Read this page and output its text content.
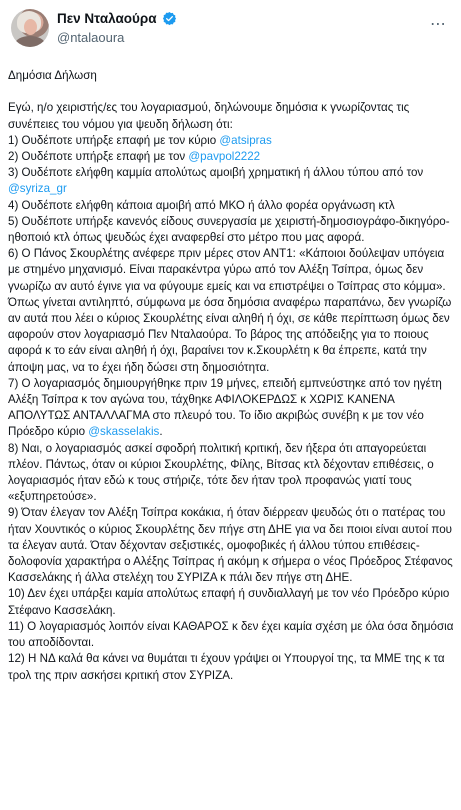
Πεν Νταλαούρα
@ntalaoura
⋯

Δημόσια Δήλωση

Εγώ, η/ο χειριστής/ες του λογαριασμού, δηλώνουμε δημόσια κ γνωρίζοντας τις συνέπειες του νόμου για ψευδη δήλωση ότι:

1) Ουδέποτε υπήρξε επαφή με τον κύριο @atsipras

2) Ουδέποτε υπήρξε επαφή με τον @pavpol2222

3) Ουδέποτε ελήφθη καμμία απολύτως αμοιβή χρηματική ή άλλου τύπου από τον @syriza_gr

4) Ουδέποτε ελήφθη κάποια αμοιβή από ΜΚΟ ή άλλο φορέα οργάνωση κτλ

5) Ουδέποτε υπήρξε κανενός είδους συνεργασία με χειριστή-δημοσιογράφο-δικηγόρο-ηθοποιό κτλ όπως ψευδώς έχει αναφερθεί στο μέτρο που μας αφορά.

6) Ο Πάνος Σκουρλέτης ανέφερε πριν μέρες στον ΑΝΤ1: «Κάποιοι δούλεψαν υπόγεια με στημένο μηχανισμό. Είναι παρακέντρα γύρω από τον Αλέξη Τσίπρα, όμως δεν γνωρίζω αν αυτό έγινε για να φύγουμε εμείς και να επιστρέψει ο Τσίπρας στο κόμμα». Όπως γίνεται αντιληπτό, σύμφωνα με όσα δημόσια αναφέρω παραπάνω, δεν γνωρίζω αν αυτά που λέει ο κύριος Σκουρλέτης είναι αληθή ή όχι, σε κάθε περίπτωση όμως δεν αφορούν στον λογαριασμό Πεν Νταλαούρα. Το βάρος της απόδειξης για το ποιους αφορά κ το εάν είναι αληθή ή όχι, βαραίνει τον κ.Σκουρλέτη κ θα έπρεπε, κατά την άποψη μας, να το έχει ήδη δώσει στη δημοσιότητα.

7) Ο λογαριασμός δημιουργήθηκε πριν 19 μήνες, επειδή εμπνεύστηκε από τον ηγέτη Αλέξη Τσίπρα κ τον αγώνα του, τάχθηκε ΑΦΙΛΟΚΕΡΔΩΣ κ ΧΩΡΙΣ ΚΑΝΕΝΑ ΑΠΟΛΥΤΩΣ ΑΝΤΑΛΛΑΓΜΑ στο πλευρό του. Το ίδιο ακριβώς συνέβη κ με τον νέο Πρόεδρο κύριο @skasselakis.

8) Ναι, ο λογαριασμός ασκεί σφοδρή πολιτική κριτική, δεν ήξερα ότι απαγορεύεται πλέον. Πάντως, όταν οι κύριοι Σκουρλέτης, Φίλης, Βίτσας κτλ δέχονταν επιθέσεις, ο λογαριασμός ήταν εδώ κ τους στήριζε, τότε δεν ήταν τρολ προφανώς γιατί τους «εξυπηρετούσε».

9) Όταν έλεγαν τον Αλέξη Τσίπρα κοκάκια, ή όταν διέρρεαν ψευδώς ότι ο πατέρας του ήταν Χουντικός ο κύριος Σκουρλέτης δεν πήγε στη ΔΗΕ για να δει ποιοι είναι αυτοί που τα έλεγαν αυτά. Όταν δέχονταν σεξιστικές, ομοφοβικές ή άλλου τύπου επιθέσεις-δολοφονία χαρακτήρα ο Αλέξης Τσίπρας ή ακόμη κ σήμερα ο νέος Πρόεδρος Στέφανος Κασσελάκης ή άλλα στελέχη του ΣΥΡΙΖΑ κ πάλι δεν πήγε στη ΔΗΕ.

10) Δεν έχει υπάρξει καμία απολύτως επαφή ή συνδιαλλαγή με τον νέο Πρόεδρο κύριο Στέφανο Κασσελάκη.

11) Ο λογαριασμός λοιπόν είναι ΚΑΘΑΡΟΣ κ δεν έχει καμία σχέση με όλα όσα δημόσια του αποδίδονται.

12) Η ΝΔ καλά θα κάνει να θυμάται τι έχουν γράψει οι Υπουργοί της, τα ΜΜΕ της κ τα τρολ της πριν ασκήσει κριτική στον ΣΥΡΙΖΑ.
